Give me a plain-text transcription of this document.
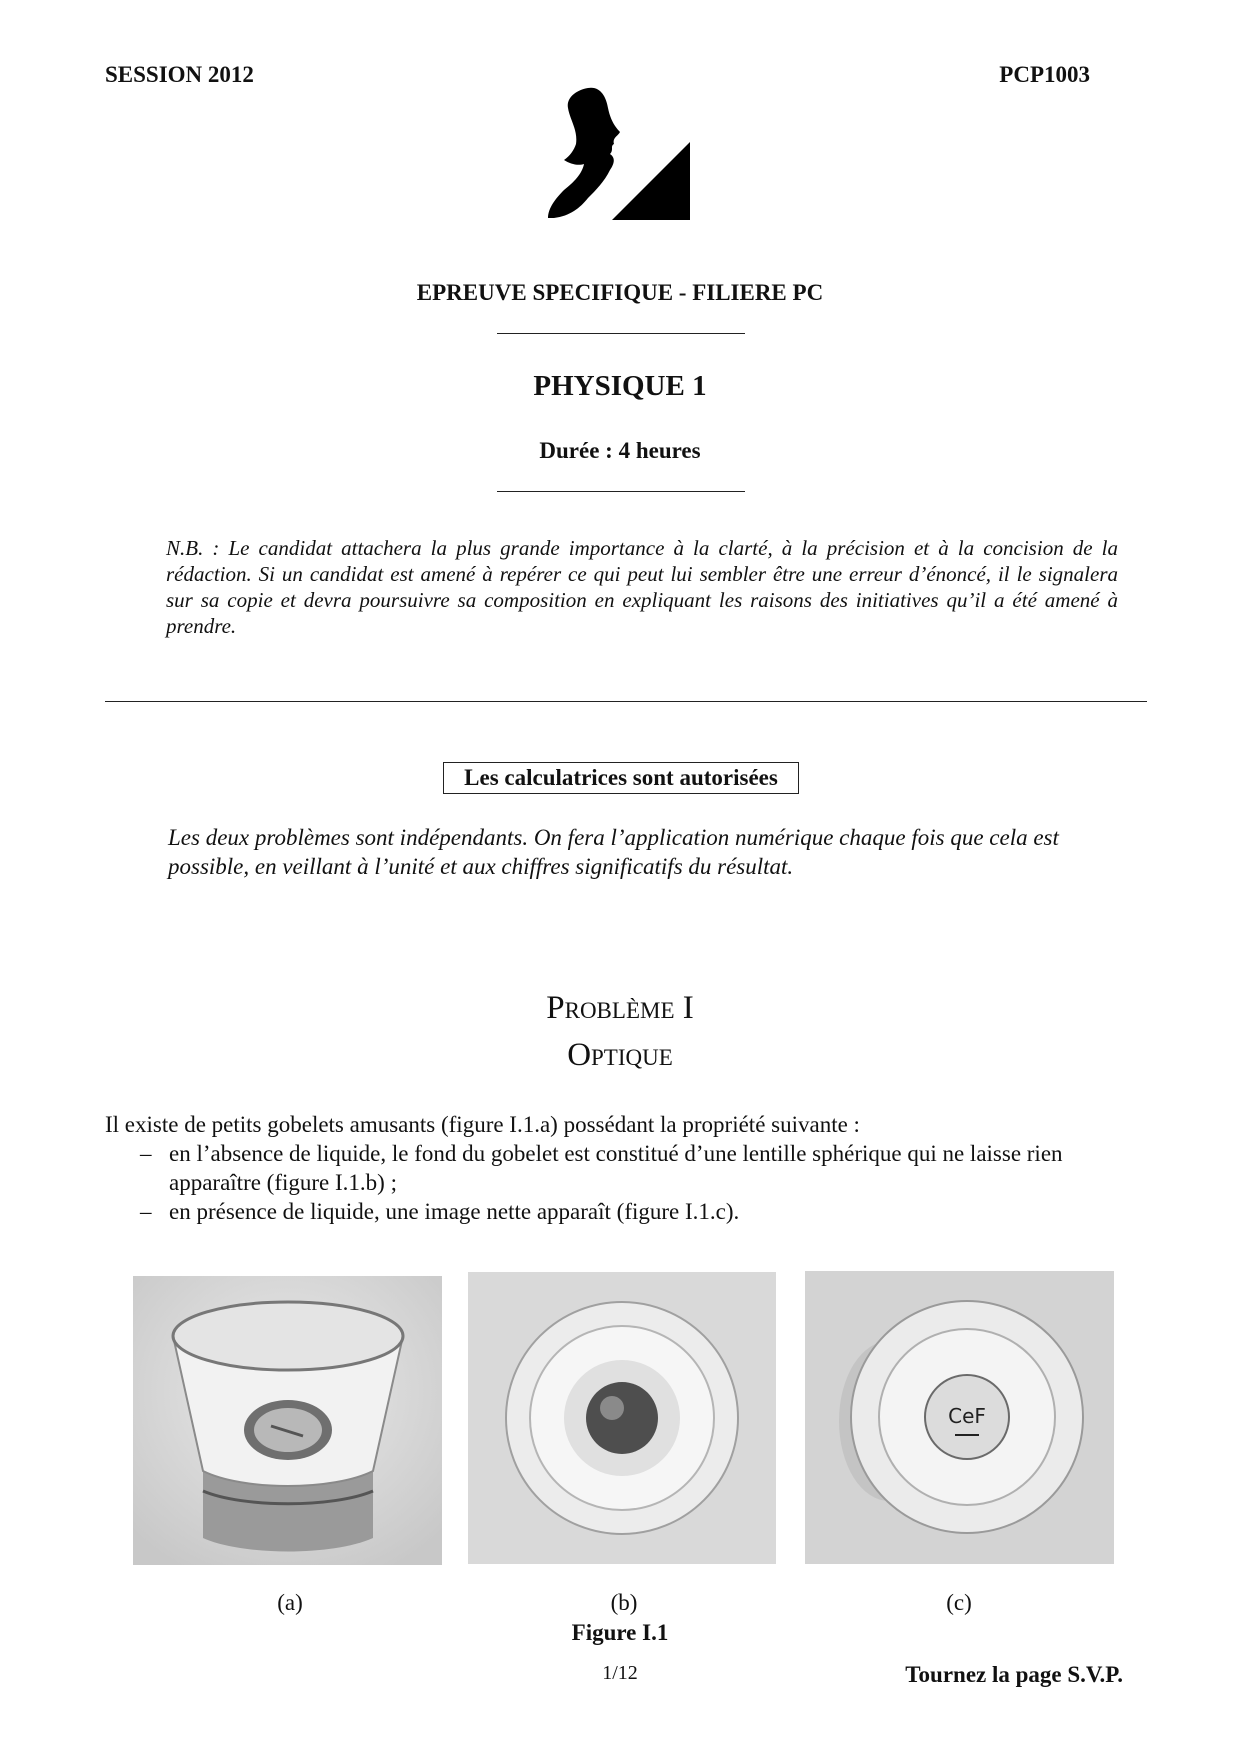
SESSION 2012	PCP1003
EPREUVE SPECIFIQUE - FILIERE PC
PHYSIQUE 1
Durée : 4 heures
N.B. : Le candidat attachera la plus grande importance à la clarté, à la précision et à la concision de la rédaction. Si un candidat est amené à repérer ce qui peut lui sembler être une erreur d’énoncé, il le signalera sur sa copie et devra poursuivre sa composition en expliquant les raisons des initiatives qu’il a été amené à prendre.
Les calculatrices sont autorisées
Les deux problèmes sont indépendants. On fera l’application numérique chaque fois que cela est possible, en veillant à l’unité et aux chiffres significatifs du résultat.
Problème I
Optique
Il existe de petits gobelets amusants (figure I.1.a) possédant la propriété suivante :
– en l’absence de liquide, le fond du gobelet est constitué d’une lentille sphérique qui ne laisse rien apparaître (figure I.1.b) ;
– en présence de liquide, une image nette apparaît (figure I.1.c).
CeF
(a)	(b)	(c)
Figure I.1
1/12	Tournez la page S.V.P.
